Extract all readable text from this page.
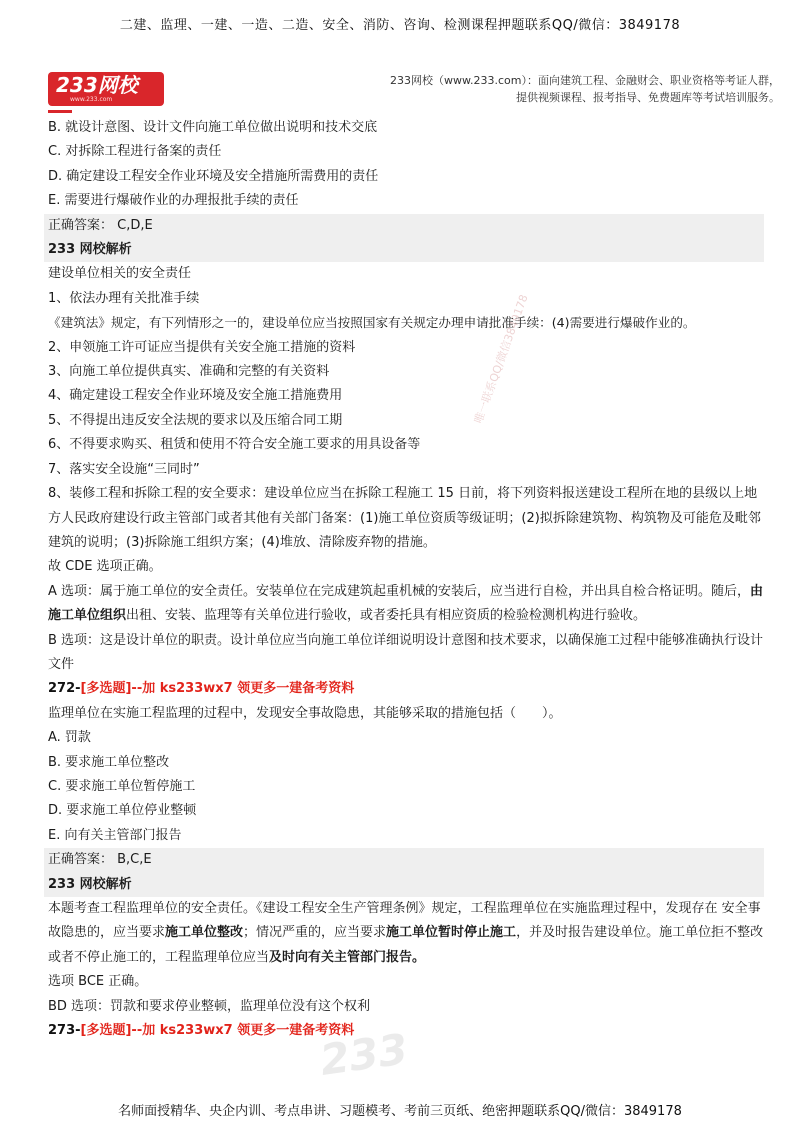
二建、监理、一建、一造、二造、安全、消防、咨询、检测课程押题联系QQ/微信：3849178
233网校
www.233.com
233网校（www.233.com）：面向建筑工程、金融财会、职业资格等考证人群，
提供视频课程、报考指导、免费题库等考试培训服务。
唯一联系QQ/微信3849178
B. 就设计意图、设计文件向施工单位做出说明和技术交底
C. 对拆除工程进行备案的责任
D. 确定建设工程安全作业环境及安全措施所需费用的责任
E. 需要进行爆破作业的办理报批手续的责任
正确答案： C,D,E
233 网校解析
建设单位相关的安全责任
1、依法办理有关批准手续
《建筑法》规定，有下列情形之一的，建设单位应当按照国家有关规定办理申请批准手续：(4)需要进行爆破作业的。
2、申领施工许可证应当提供有关安全施工措施的资料
3、向施工单位提供真实、准确和完整的有关资料
4、确定建设工程安全作业环境及安全施工措施费用
5、不得提出违反安全法规的要求以及压缩合同工期
6、不得要求购买、租赁和使用不符合安全施工要求的用具设备等
7、落实安全设施“三同时”
8、装修工程和拆除工程的安全要求：建设单位应当在拆除工程施工 15 日前，将下列资料报送建设工程所在地的县级以上地方人民政府建设行政主管部门或者其他有关部门备案：(1)施工单位资质等级证明；(2)拟拆除建筑物、构筑物及可能危及毗邻建筑的说明；(3)拆除施工组织方案；(4)堆放、清除废弃物的措施。
故 CDE 选项正确。
A 选项：属于施工单位的安全责任。安装单位在完成建筑起重机械的安装后，应当进行自检，并出具自检合格证明。随后，由施工单位组织出租、安装、监理等有关单位进行验收，或者委托具有相应资质的检验检测机构进行验收。
B 选项：这是设计单位的职责。设计单位应当向施工单位详细说明设计意图和技术要求，以确保施工过程中能够准确执行设计文件
272-[多选题]--加 ks233wx7 领更多一建备考资料
监理单位在实施工程监理的过程中，发现安全事故隐患，其能够采取的措施包括（　　）。
A. 罚款
B. 要求施工单位整改
C. 要求施工单位暂停施工
D. 要求施工单位停业整顿
E. 向有关主管部门报告
正确答案： B,C,E
233 网校解析
本题考查工程监理单位的安全责任。《建设工程安全生产管理条例》规定，工程监理单位在实施监理过程中，发现存在 安全事故隐患的，应当要求施工单位整改；情况严重的，应当要求施工单位暂时停止施工，并及时报告建设单位。施工单位拒不整改或者不停止施工的，工程监理单位应当及时向有关主管部门报告。
选项 BCE 正确。
BD 选项：罚款和要求停业整顿，监理单位没有这个权利
273-[多选题]--加 ks233wx7 领更多一建备考资料
233
名师面授精华、央企内训、考点串讲、习题模考、考前三页纸、绝密押题联系QQ/微信：3849178
